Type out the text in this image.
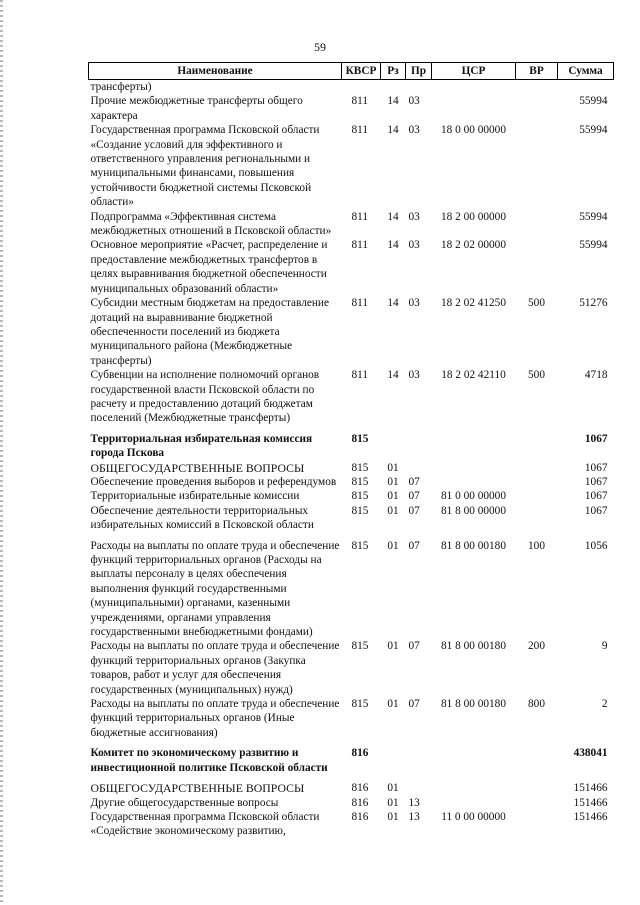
59
Наименование	КВСР	Рз	Пр	ЦСР	ВР	Сумма
трансферты)						
Прочие межбюджетные трансферты общего характера	811	14	03			55994
Государственная программа Псковской области «Создание условий для эффективного и ответственного управления региональными и муниципальными финансами, повышения устойчивости бюджетной системы Псковской области»	811	14	03	18 0 00 00000		55994
Подпрограмма «Эффективная система межбюджетных отношений в Псковской области»	811	14	03	18 2 00 00000		55994
Основное мероприятие «Расчет, распределение и предоставление межбюджетных трансфертов в целях выравнивания бюджетной обеспеченности муниципальных образований области»	811	14	03	18 2 02 00000		55994
Субсидии местным бюджетам на предоставление дотаций на выравнивание бюджетной обеспеченности поселений из бюджета муниципального района (Межбюджетные трансферты)	811	14	03	18 2 02 41250	500	51276
Субвенции на исполнение полномочий органов государственной власти Псковской области по расчету и предоставлению дотаций бюджетам поселений (Межбюджетные трансферты)	811	14	03	18 2 02 42110	500	4718
Территориальная избирательная комиссия города Пскова	815					1067
ОБЩЕГОСУДАРСТВЕННЫЕ ВОПРОСЫ	815	01				1067
Обеспечение проведения выборов и референдумов	815	01	07			1067
Территориальные избирательные комиссии	815	01	07	81 0 00 00000		1067
Обеспечение деятельности территориальных избирательных комиссий в Псковской области	815	01	07	81 8 00 00000		1067
Расходы на выплаты по оплате труда и обеспечение функций территориальных органов (Расходы на выплаты персоналу в целях обеспечения выполнения функций государственными (муниципальными) органами, казенными учреждениями, органами управления государственными внебюджетными фондами)	815	01	07	81 8 00 00180	100	1056
Расходы на выплаты по оплате труда и обеспечение функций территориальных органов (Закупка товаров, работ и услуг для обеспечения государственных (муниципальных) нужд)	815	01	07	81 8 00 00180	200	9
Расходы на выплаты по оплате труда и обеспечение функций территориальных органов (Иные бюджетные ассигнования)	815	01	07	81 8 00 00180	800	2
Комитет по экономическому развитию и инвестиционной политике Псковской области	816					438041
ОБЩЕГОСУДАРСТВЕННЫЕ ВОПРОСЫ	816	01				151466
Другие общегосударственные вопросы	816	01	13			151466
Государственная программа Псковской области «Содействие экономическому развитию,	816	01	13	11 0 00 00000		151466
